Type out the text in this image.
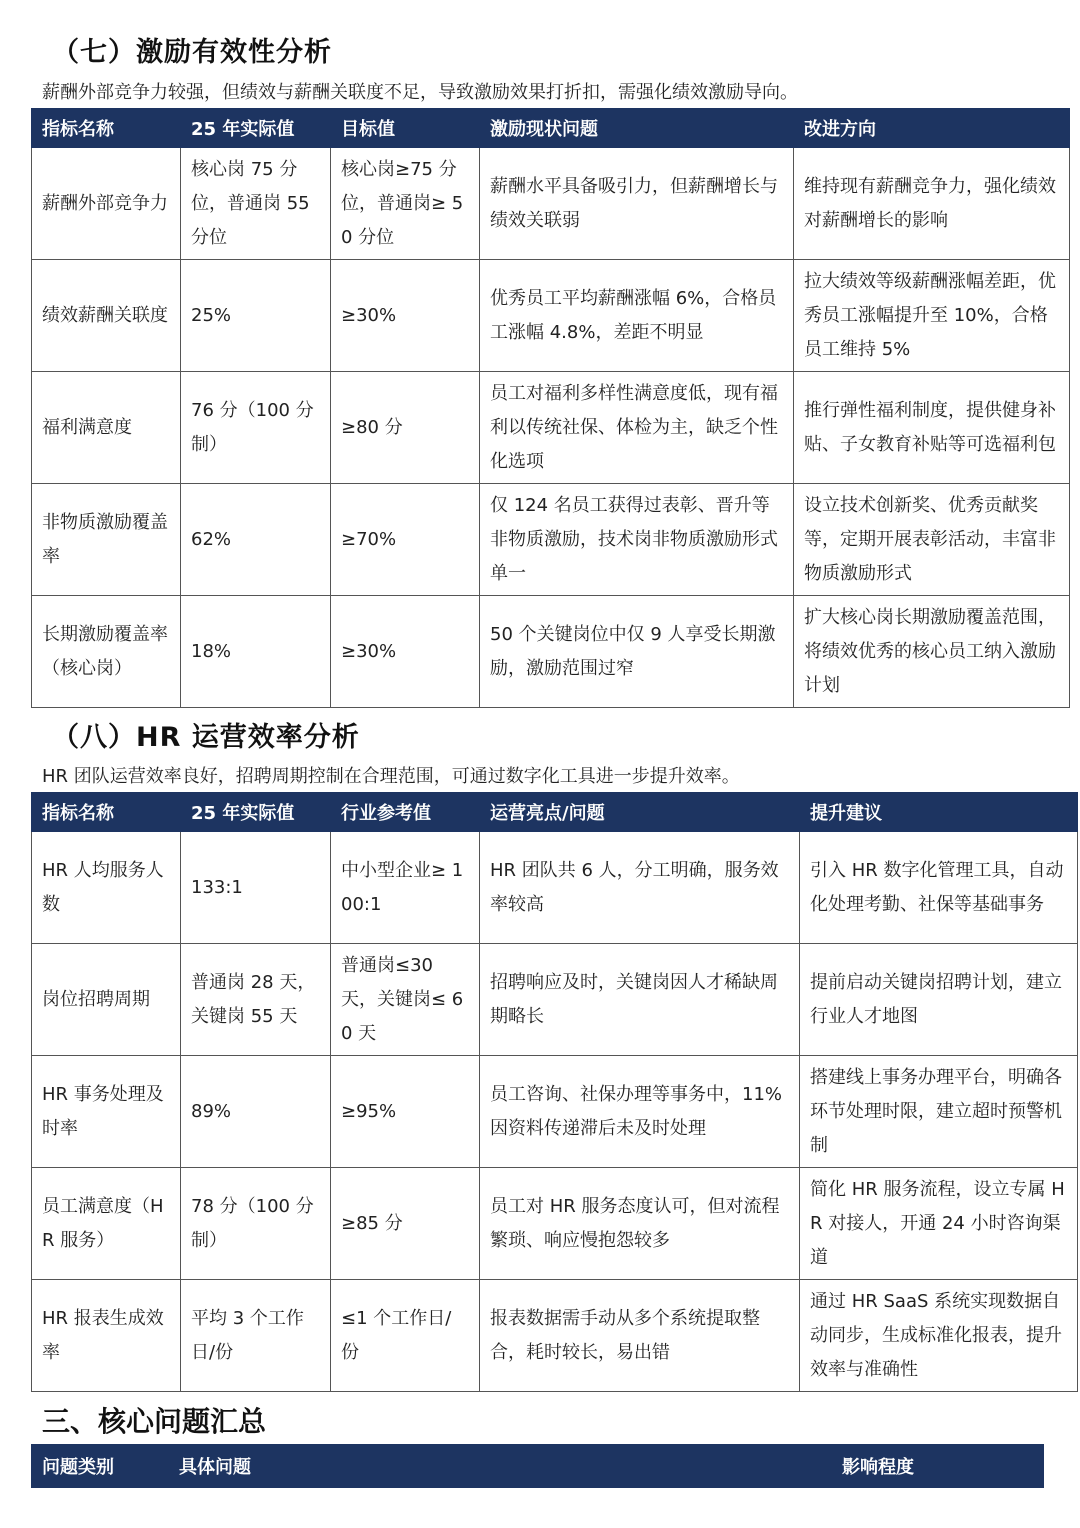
（七）激励有效性分析

薪酬外部竞争力较强，但绩效与薪酬关联度不足，导致激励效果打折扣，需强化绩效激励导向。

指标名称	25 年实际值	目标值	激励现状问题	改进方向
薪酬外部竞争力	核心岗 75 分位，普通岗 55 分位	核心岗≥75 分位，普通岗≥ 50 分位	薪酬水平具备吸引力，但薪酬增长与绩效关联弱	维持现有薪酬竞争力，强化绩效对薪酬增长的影响
绩效薪酬关联度	25%	≥30%	优秀员工平均薪酬涨幅 6%，合格员工涨幅 4.8%，差距不明显	拉大绩效等级薪酬涨幅差距，优秀员工涨幅提升至 10%，合格员工维持 5%
福利满意度	76 分（100 分制）	≥80 分	员工对福利多样性满意度低，现有福利以传统社保、体检为主，缺乏个性化选项	推行弹性福利制度，提供健身补贴、子女教育补贴等可选福利包
非物质激励覆盖率	62%	≥70%	仅 124 名员工获得过表彰、晋升等非物质激励，技术岗非物质激励形式单一	设立技术创新奖、优秀贡献奖等，定期开展表彰活动，丰富非物质激励形式
长期激励覆盖率（核心岗）	18%	≥30%	50 个关键岗位中仅 9 人享受长期激励，激励范围过窄	扩大核心岗长期激励覆盖范围，将绩效优秀的核心员工纳入激励计划
（八）HR 运营效率分析

HR 团队运营效率良好，招聘周期控制在合理范围，可通过数字化工具进一步提升效率。

指标名称	25 年实际值	行业参考值	运营亮点/问题	提升建议
HR 人均服务人数	133:1	中小型企业≥ 100:1	HR 团队共 6 人，分工明确，服务效率较高	引入 HR 数字化管理工具，自动化处理考勤、社保等基础事务
岗位招聘周期	普通岗 28 天，关键岗 55 天	普通岗≤30 天，关键岗≤ 60 天	招聘响应及时，关键岗因人才稀缺周期略长	提前启动关键岗招聘计划，建立行业人才地图
HR 事务处理及时率	89%	≥95%	员工咨询、社保办理等事务中，11%因资料传递滞后未及时处理	搭建线上事务办理平台，明确各环节处理时限，建立超时预警机制
员工满意度（HR 服务）	78 分（100 分制）	≥85 分	员工对 HR 服务态度认可，但对流程繁琐、响应慢抱怨较多	简化 HR 服务流程，设立专属 HR 对接人，开通 24 小时咨询渠道
HR 报表生成效率	平均 3 个工作日/份	≤1 个工作日/份	报表数据需手动从多个系统提取整合，耗时较长，易出错	通过 HR SaaS 系统实现数据自动同步，生成标准化报表，提升效率与准确性
三、核心问题汇总
问题类别	具体问题	影响程度
